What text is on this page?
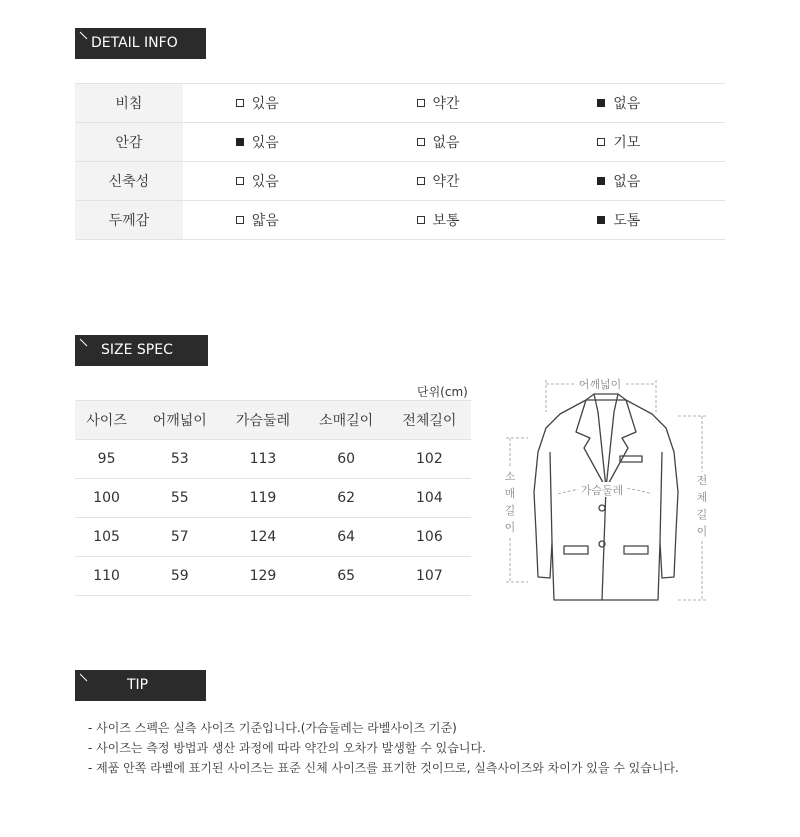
DETAIL INFO
비침	있음	약간	없음
안감	있음	없음	기모
신축성	있음	약간	없음
두께감	얇음	보통	도톰
SIZE SPEC
단위(cm)
사이즈	어깨넓이	가슴둘레	소매길이	전체길이
95	53	113	60	102
100	55	119	62	104
105	57	124	64	106
110	59	129	65	107
어깨넓이
가슴둘레
소
매
길
이
전
체
길
이
TIP
- 사이즈 스펙은 실측 사이즈 기준입니다.(가슴둘레는 라벨사이즈 기준)
- 사이즈는 측정 방법과 생산 과정에 따라 약간의 오차가 발생할 수 있습니다.
- 제품 안쪽 라벨에 표기된 사이즈는 표준 신체 사이즈를 표기한 것이므로, 실측사이즈와 차이가 있을 수 있습니다.
